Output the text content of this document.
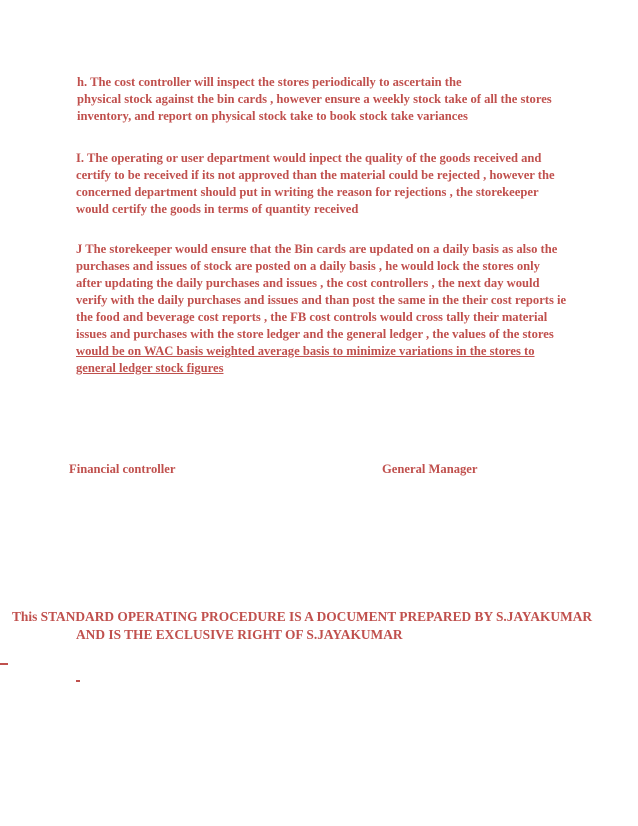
h. The cost controller will inspect the stores periodically to ascertain the
physical stock against the bin cards , however ensure a weekly stock take of all the stores
inventory, and report on physical stock take to book stock take variances
I. The operating or user department would inpect the quality of the goods received and
certify to be received if its not approved than the material could be rejected , however the
concerned department should put in writing the reason for rejections , the storekeeper
would certify the goods in terms of quantity received
J The storekeeper would ensure that the Bin cards are updated on a daily basis as also the
purchases and issues of stock are posted on a daily basis , he would lock the stores only
after updating the daily purchases and issues , the cost controllers , the next day would
verify with the daily purchases and issues and than post the same in the their cost reports ie
the food and beverage cost reports , the FB cost controls would cross tally their material
issues and purchases with the store ledger and the general ledger , the values of the stores
would be on WAC basis weighted average basis to minimize variations in the stores to
general ledger stock figures
Financial controller	General Manager
This STANDARD OPERATING PROCEDURE IS A DOCUMENT PREPARED BY S.JAYAKUMAR
AND IS THE EXCLUSIVE RIGHT OF S.JAYAKUMAR
